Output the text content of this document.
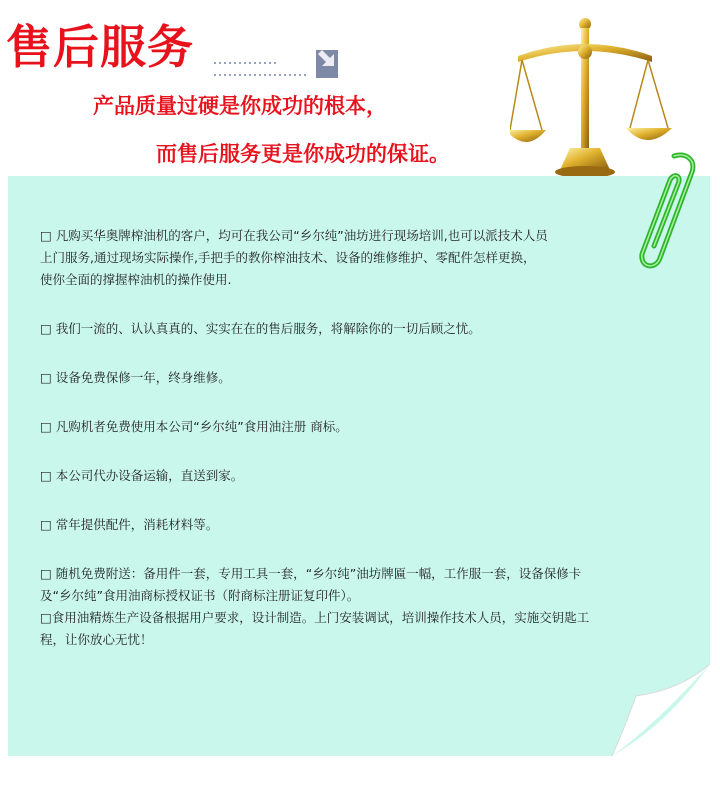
售后服务
产品质量过硬是你成功的根本，
而售后服务更是你成功的保证。

□ 凡购买华奥牌榨油机的客户，均可在我公司“乡尔纯”油坊进行现场培训,也可以派技术人员
上门服务,通过现场实际操作,手把手的教你榨油技术、设备的维修维护、零配件怎样更换，
使你全面的撑握榨油机的操作使用.

□ 我们一流的、认认真真的、实实在在的售后服务，将解除你的一切后顾之忧。

□ 设备免费保修一年，终身维修。

□ 凡购机者免费使用本公司“乡尔纯”食用油注册 商标。

□ 本公司代办设备运输，直送到家。

□ 常年提供配件，消耗材料等。

□ 随机免费附送：备用件一套，专用工具一套，“乡尔纯”油坊牌匾一幅，工作服一套，设备保修卡
及“乡尔纯”食用油商标授权证书（附商标注册证复印件）。

□食用油精炼生产设备根据用户要求，设计制造。上门安装调试，培训操作技术人员，实施交钥匙工
程，让你放心无忧！
